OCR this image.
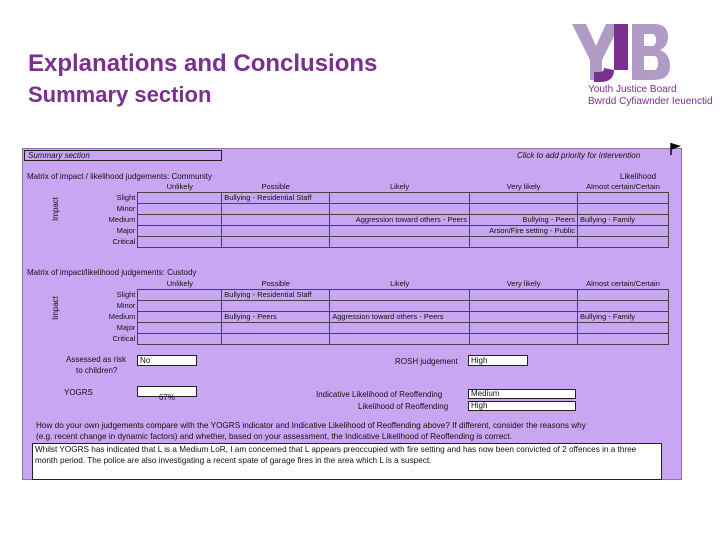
Explanations and Conclusions
Summary section	Youth Justice Board
Bwrdd Cyfiawnder Ieuenctid
Summary section	Click to add priority for intervention
Matrix of impact / likelihood judgements: Community	Likelihood
Impact
	Unlikely	Possible	Likely	Very likely	Almost certain/Certain
Slight		Bullying - Residential Staff			
Minor					
Medium			Aggression toward others - Peers	Bullying - Peers	Bullying - Family
Major				Arson/Fire setting - Public	
Critical					
Matrix of impact/likelihood judgements: Custody
Impact
	Unlikely	Possible	Likely	Very likely	Almost certain/Certain
Slight		Bullying - Residential Staff			
Minor					
Medium		Bullying - Peers	Aggression toward others - Peers		Bullying - Family
Major					
Critical					
Assessed as risk
to children?
No	ROSH judgement High
YOGRS
67%	Indicative Likelihood of Reoffending	Medium
Likelihood of Reoffending	High
How do your own judgements compare with the YOGRS indicator and Indicative Likelihood of Reoffending above? If different, consider the reasons why
(e.g. recent change in dynamic factors) and whether, based on your assessment, the Indicative Likelihood of Reoffending is correct.
Whilst YOGRS has indicated that L is a Medium LoR, I am concerned that L appears preoccupied with fire setting and has now been convicted of 2 offences in a three month period. The police are also investigating a recent spate of garage fires in the area which L is a suspect.
